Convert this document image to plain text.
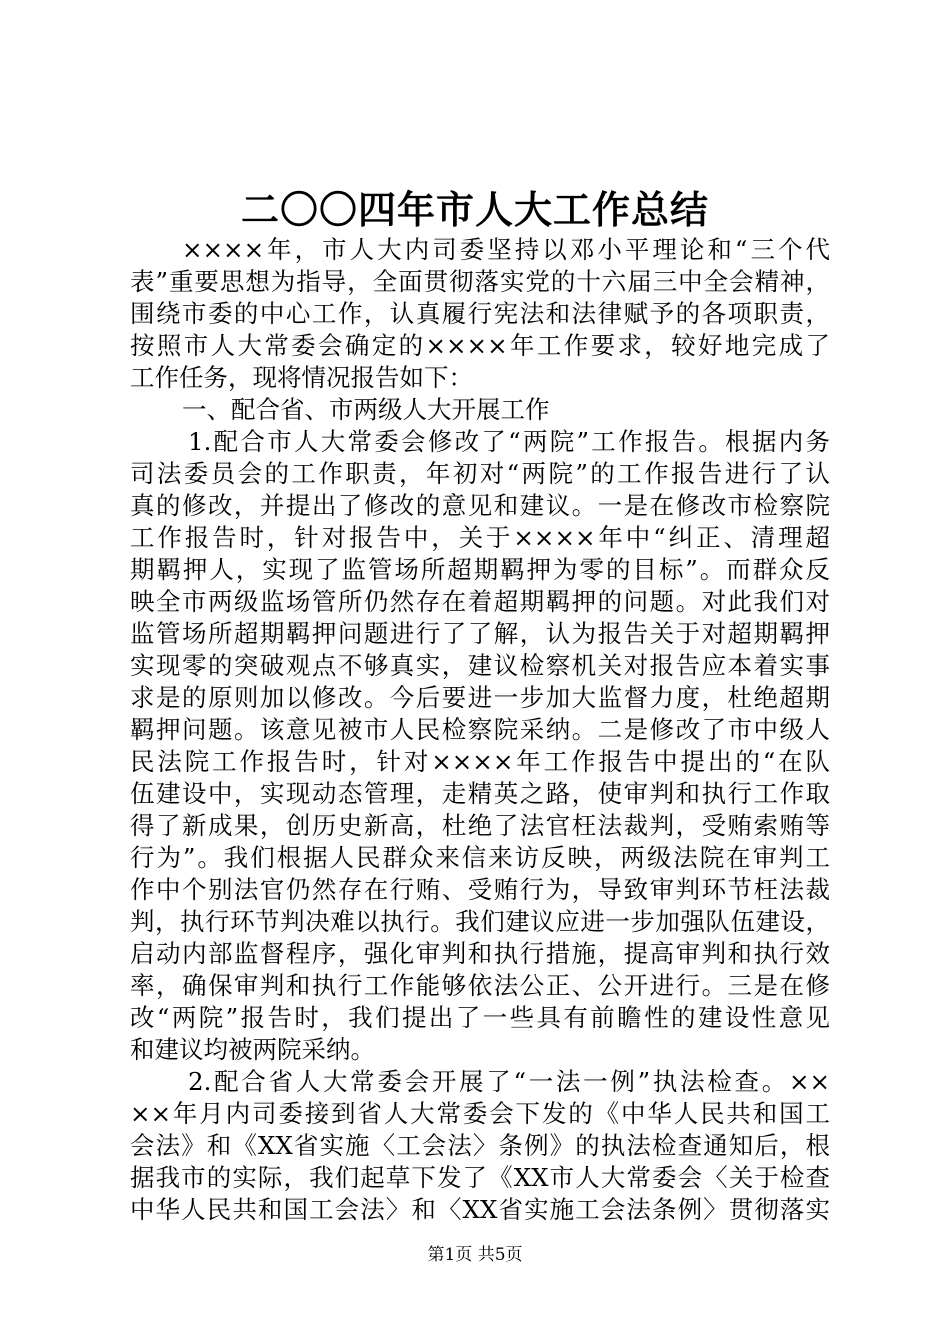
二〇〇四年市人大工作总结
××××年，市人大内司委坚持以邓小平理论和“三个代
表”重要思想为指导，全面贯彻落实党的十六届三中全会精神，
围绕市委的中心工作，认真履行宪法和法律赋予的各项职责，
按照市人大常委会确定的××××年工作要求，较好地完成了
工作任务，现将情况报告如下：
一、配合省、市两级人大开展工作
1.配合市人大常委会修改了“两院”工作报告。根据内务
司法委员会的工作职责，年初对“两院”的工作报告进行了认
真的修改，并提出了修改的意见和建议。一是在修改市检察院
工作报告时，针对报告中，关于××××年中“纠正、清理超
期羁押人，实现了监管场所超期羁押为零的目标”。而群众反
映全市两级监场管所仍然存在着超期羁押的问题。对此我们对
监管场所超期羁押问题进行了了解，认为报告关于对超期羁押
实现零的突破观点不够真实，建议检察机关对报告应本着实事
求是的原则加以修改。今后要进一步加大监督力度，杜绝超期
羁押问题。该意见被市人民检察院采纳。二是修改了市中级人
民法院工作报告时，针对××××年工作报告中提出的“在队
伍建设中，实现动态管理，走精英之路，使审判和执行工作取
得了新成果，创历史新高，杜绝了法官枉法裁判，受贿索贿等
行为”。我们根据人民群众来信来访反映，两级法院在审判工
作中个别法官仍然存在行贿、受贿行为，导致审判环节枉法裁
判，执行环节判决难以执行。我们建议应进一步加强队伍建设，
启动内部监督程序，强化审判和执行措施，提高审判和执行效
率，确保审判和执行工作能够依法公正、公开进行。三是在修
改“两院”报告时，我们提出了一些具有前瞻性的建设性意见
和建议均被两院采纳。
2.配合省人大常委会开展了“一法一例”执法检查。××
××年月内司委接到省人大常委会下发的《中华人民共和国工
会法》和《XX省实施〈工会法〉条例》的执法检查通知后，根
据我市的实际，我们起草下发了《XX市人大常委会〈关于检查
中华人民共和国工会法〉和〈XX省实施工会法条例〉贯彻落实
第1页 共5页
